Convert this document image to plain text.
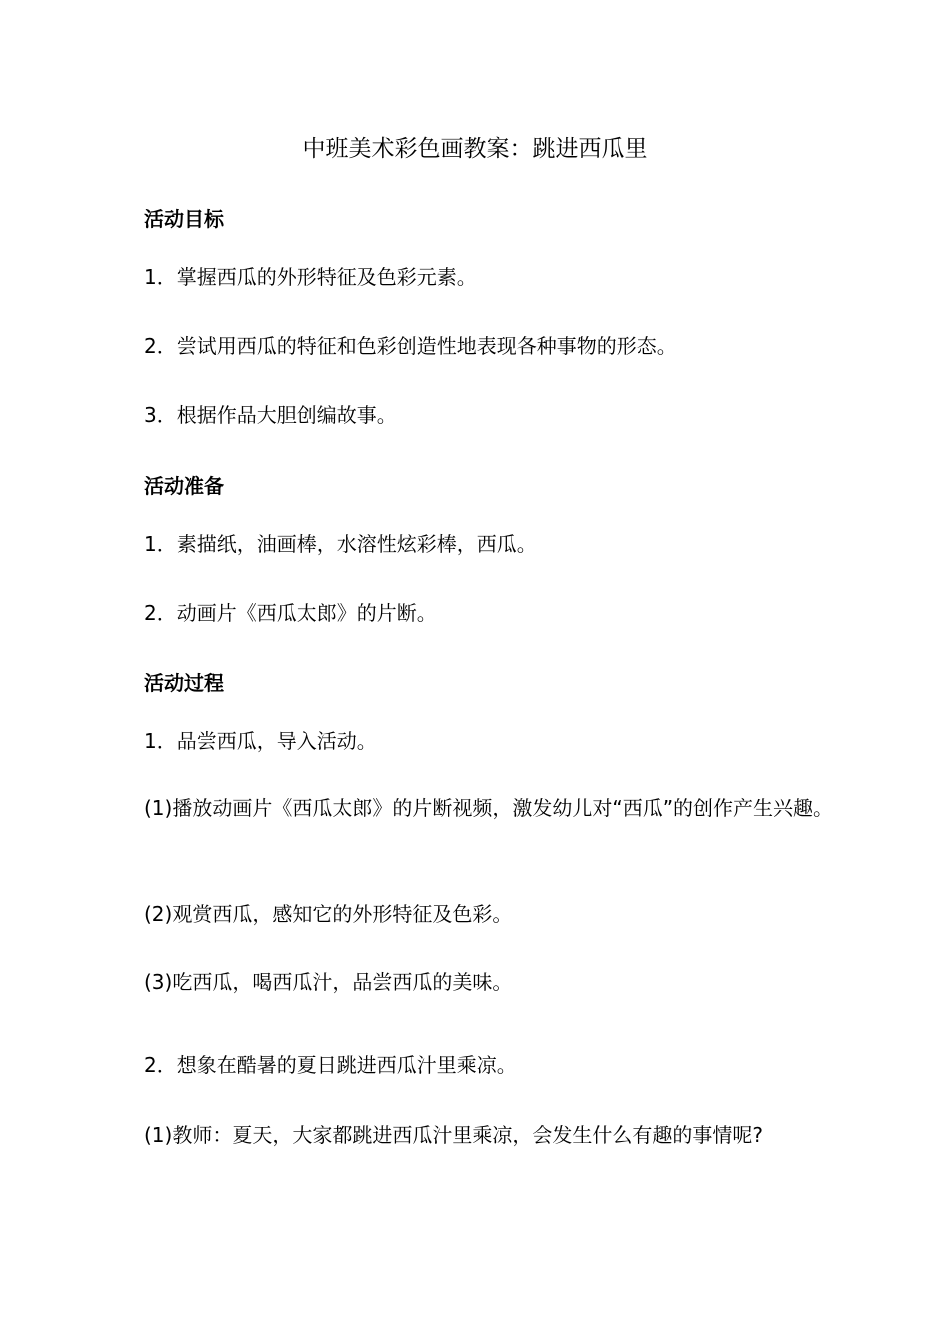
中班美术彩色画教案：跳进西瓜里
活动目标
1．掌握西瓜的外形特征及色彩元素。
2．尝试用西瓜的特征和色彩创造性地表现各种事物的形态。
3．根据作品大胆创编故事。
活动准备
1．素描纸，油画棒，水溶性炫彩棒，西瓜。
2．动画片《西瓜太郎》的片断。
活动过程
1．品尝西瓜，导入活动。
(1)播放动画片《西瓜太郎》的片断视频，激发幼儿对“西瓜”的创作产生兴趣。
(2)观赏西瓜，感知它的外形特征及色彩。
(3)吃西瓜，喝西瓜汁，品尝西瓜的美味。
2．想象在酷暑的夏日跳进西瓜汁里乘凉。
(1)教师：夏天，大家都跳进西瓜汁里乘凉，会发生什么有趣的事情呢?
